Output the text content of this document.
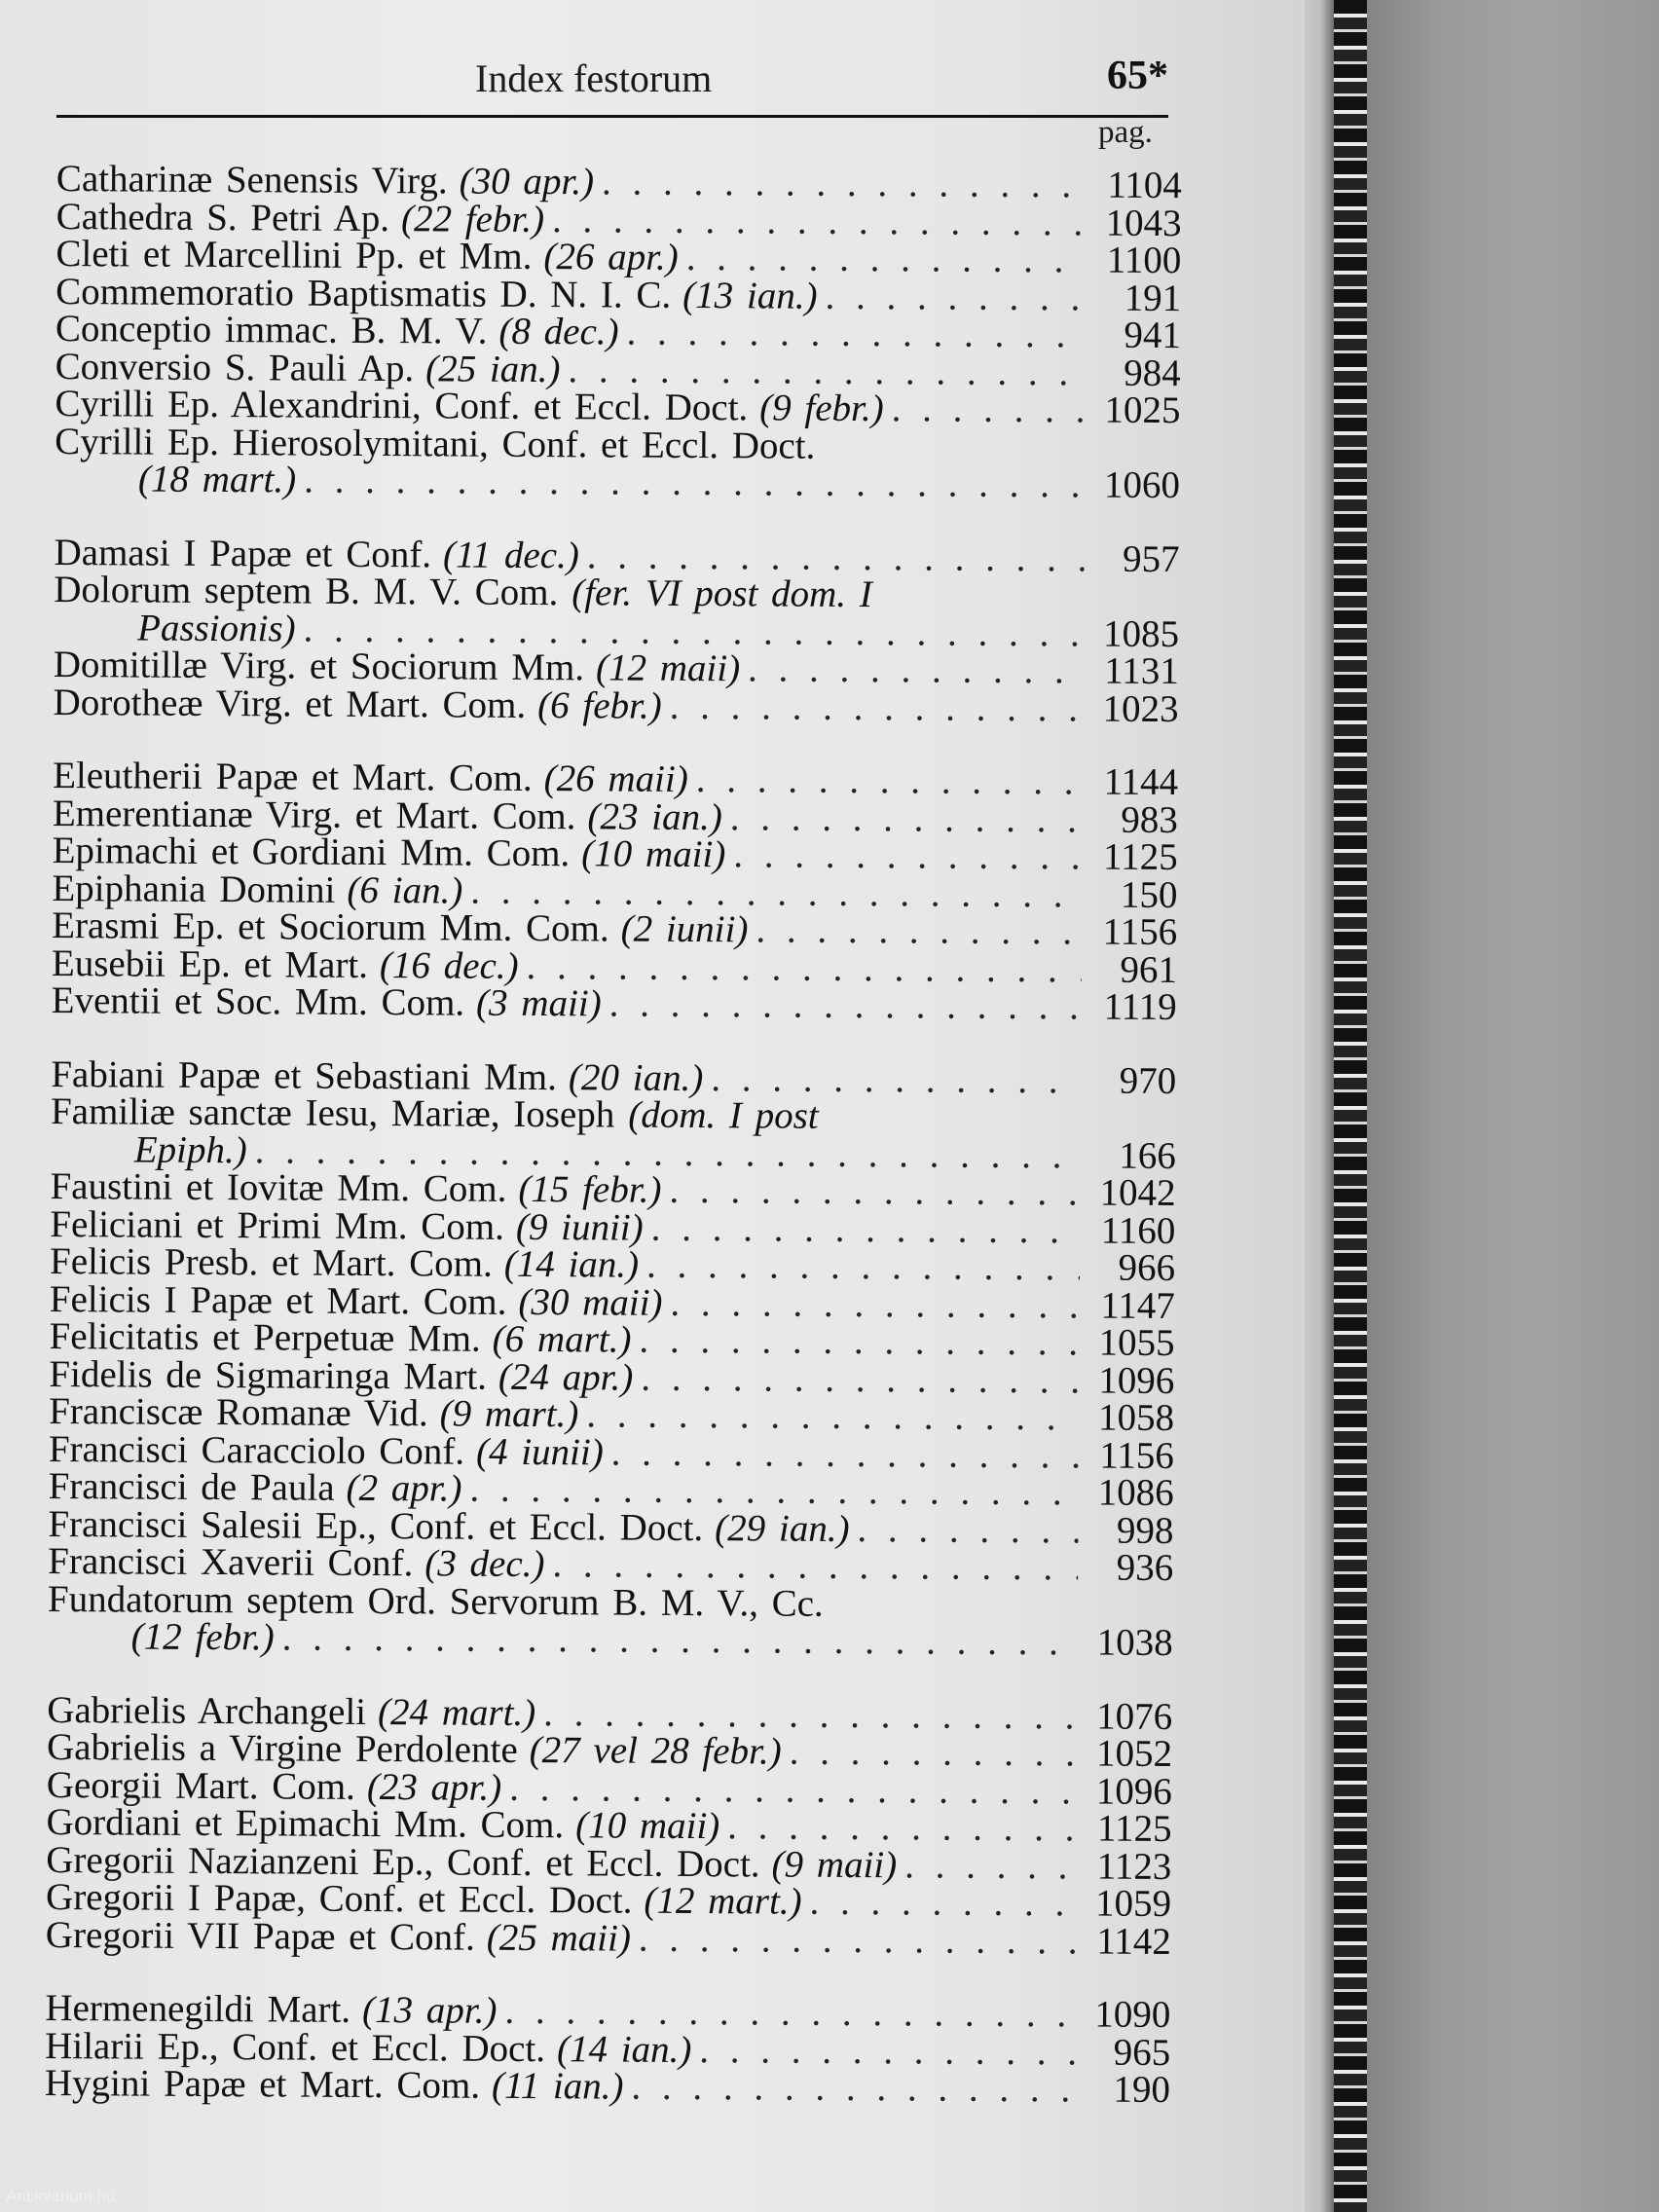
Index festorum	65*
pag.
Catharinæ Senensis Virg. (30 apr.) . . .	1104
Cathedra S. Petri Ap. (22 febr.) . . .	1043
Cleti et Marcellini Pp. et Mm. (26 apr.) . . .	1100
Commemoratio Baptismatis D. N. I. C. (13 ian.) . . .	191
Conceptio immac. B. M. V. (8 dec.) . . .	941
Conversio S. Pauli Ap. (25 ian.) . . .	984
Cyrilli Ep. Alexandrini, Conf. et Eccl. Doct. (9 febr.) . . .	1025
Cyrilli Ep. Hierosolymitani, Conf. et Eccl. Doct.
(18 mart.) . . .	1060
Damasi I Papæ et Conf. (11 dec.) . . .	957
Dolorum septem B. M. V. Com. (fer. VI post dom. I
Passionis) . . .	1085
Domitillæ Virg. et Sociorum Mm. (12 maii) . . .	1131
Dorotheæ Virg. et Mart. Com. (6 febr.) . . .	1023
Eleutherii Papæ et Mart. Com. (26 maii) . . .	1144
Emerentianæ Virg. et Mart. Com. (23 ian.) . . .	983
Epimachi et Gordiani Mm. Com. (10 maii) . . .	1125
Epiphania Domini (6 ian.) . . .	150
Erasmi Ep. et Sociorum Mm. Com. (2 iunii) . . .	1156
Eusebii Ep. et Mart. (16 dec.) . . .	961
Eventii et Soc. Mm. Com. (3 maii) . . .	1119
Fabiani Papæ et Sebastiani Mm. (20 ian.) . . .	970
Familiæ sanctæ Iesu, Mariæ, Ioseph (dom. I post
Epiph.) . . .	166
Faustini et Iovitæ Mm. Com. (15 febr.) . . .	1042
Feliciani et Primi Mm. Com. (9 iunii) . . .	1160
Felicis Presb. et Mart. Com. (14 ian.) . . .	966
Felicis I Papæ et Mart. Com. (30 maii) . . .	1147
Felicitatis et Perpetuæ Mm. (6 mart.) . . .	1055
Fidelis de Sigmaringa Mart. (24 apr.) . . .	1096
Franciscæ Romanæ Vid. (9 mart.) . . .	1058
Francisci Caracciolo Conf. (4 iunii) . . .	1156
Francisci de Paula (2 apr.) . . .	1086
Francisci Salesii Ep., Conf. et Eccl. Doct. (29 ian.) . . .	998
Francisci Xaverii Conf. (3 dec.) . . .	936
Fundatorum septem Ord. Servorum B. M. V., Cc.
(12 febr.) . . .	1038
Gabrielis Archangeli (24 mart.) . . .	1076
Gabrielis a Virgine Perdolente (27 vel 28 febr.) . . .	1052
Georgii Mart. Com. (23 apr.) . . .	1096
Gordiani et Epimachi Mm. Com. (10 maii) . . .	1125
Gregorii Nazianzeni Ep., Conf. et Eccl. Doct. (9 maii) . . .	1123
Gregorii I Papæ, Conf. et Eccl. Doct. (12 mart.) . . .	1059
Gregorii VII Papæ et Conf. (25 maii) . . .	1142
Hermenegildi Mart. (13 apr.) . . .	1090
Hilarii Ep., Conf. et Eccl. Doct. (14 ian.) . . .	965
Hygini Papæ et Mart. Com. (11 ian.) . . .	190
Antikvarium.hu
